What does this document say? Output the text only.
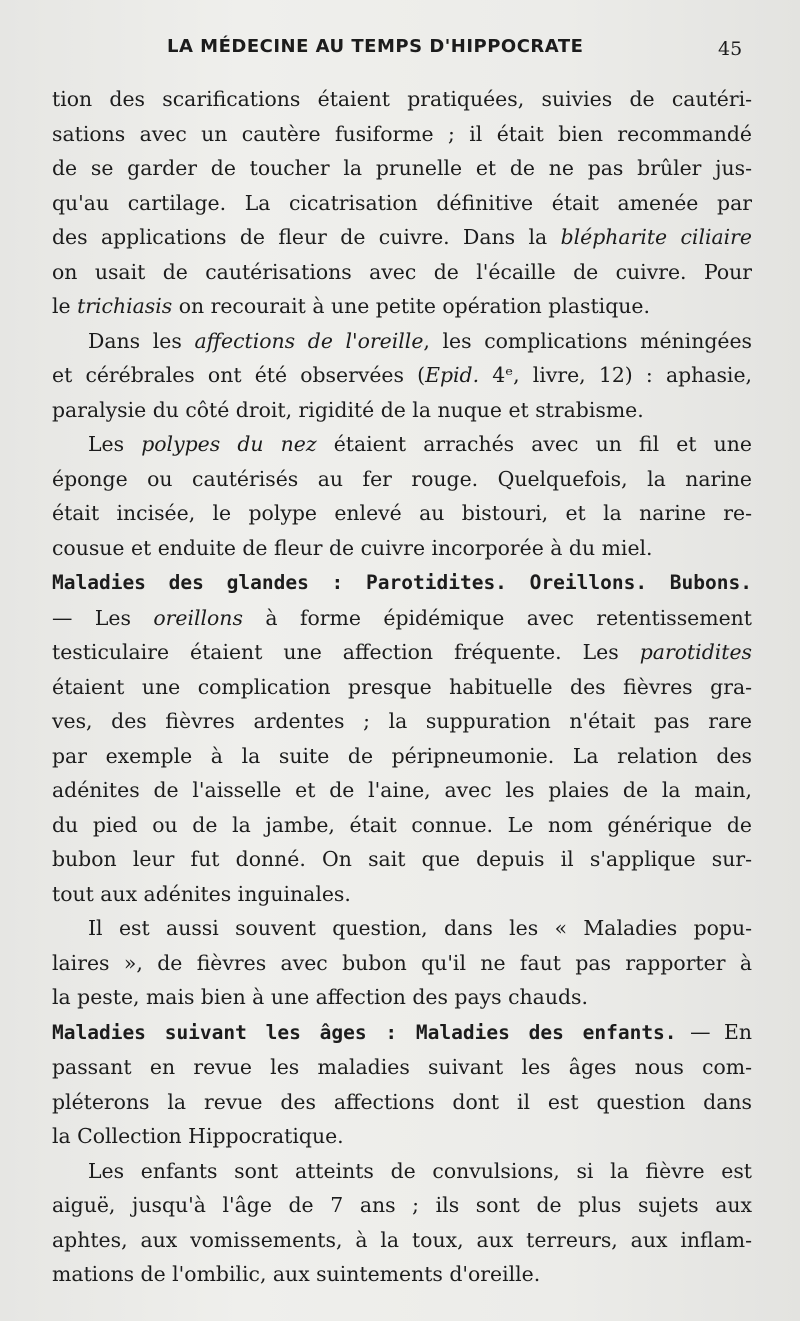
LA MÉDECINE AU TEMPS D'HIPPOCRATE	45
tion des scarifications étaient pratiquées, suivies de cautéri-
sations avec un cautère fusiforme ; il était bien recommandé
de se garder de toucher la prunelle et de ne pas brûler jus-
qu'au cartilage. La cicatrisation définitive était amenée par
des applications de fleur de cuivre. Dans la blépharite ciliaire
on usait de cautérisations avec de l'écaille de cuivre. Pour
le trichiasis on recourait à une petite opération plastique.
Dans les affections de l'oreille, les complications méningées
et cérébrales ont été observées (Epid. 4ᵉ, livre, 12) : aphasie,
paralysie du côté droit, rigidité de la nuque et strabisme.
Les polypes du nez étaient arrachés avec un fil et une
éponge ou cautérisés au fer rouge. Quelquefois, la narine
était incisée, le polype enlevé au bistouri, et la narine re-
cousue et enduite de fleur de cuivre incorporée à du miel.
Maladies des glandes : Parotidites. Oreillons. Bubons.
— Les oreillons à forme épidémique avec retentissement
testiculaire étaient une affection fréquente. Les parotidites
étaient une complication presque habituelle des fièvres gra-
ves, des fièvres ardentes ; la suppuration n'était pas rare
par exemple à la suite de péripneumonie. La relation des
adénites de l'aisselle et de l'aine, avec les plaies de la main,
du pied ou de la jambe, était connue. Le nom générique de
bubon leur fut donné. On sait que depuis il s'applique sur-
tout aux adénites inguinales.
Il est aussi souvent question, dans les « Maladies popu-
laires », de fièvres avec bubon qu'il ne faut pas rapporter à
la peste, mais bien à une affection des pays chauds.
Maladies suivant les âges : Maladies des enfants. — En
passant en revue les maladies suivant les âges nous com-
pléterons la revue des affections dont il est question dans
la Collection Hippocratique.
Les enfants sont atteints de convulsions, si la fièvre est
aiguë, jusqu'à l'âge de 7 ans ; ils sont de plus sujets aux
aphtes, aux vomissements, à la toux, aux terreurs, aux inflam-
mations de l'ombilic, aux suintements d'oreille.
